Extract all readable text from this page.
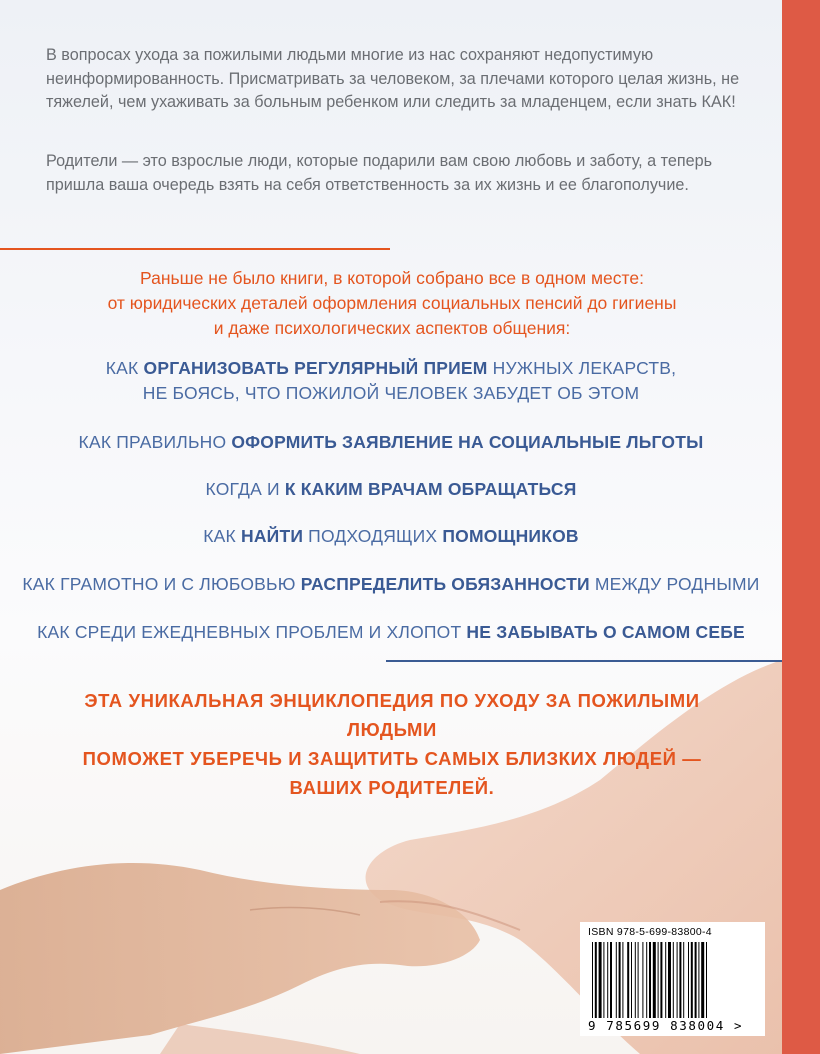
В вопросах ухода за пожилыми людьми многие из нас сохраняют недопустимую неинформированность. Присматривать за человеком, за плечами которого целая жизнь, не тяжелей, чем ухаживать за больным ребенком или следить за младенцем, если знать КАК!

Родители — это взрослые люди, которые подарили вам свою любовь и заботу, а теперь пришла ваша очередь взять на себя ответственность за их жизнь и ее благополучие.

Раньше не было книги, в которой собрано все в одном месте:
от юридических деталей оформления социальных пенсий до гигиены
и даже психологических аспектов общения:

КАК ОРГАНИЗОВАТЬ РЕГУЛЯРНЫЙ ПРИЕМ НУЖНЫХ ЛЕКАРСТВ,
НЕ БОЯСЬ, ЧТО ПОЖИЛОЙ ЧЕЛОВЕК ЗАБУДЕТ ОБ ЭТОМ

КАК ПРАВИЛЬНО ОФОРМИТЬ ЗАЯВЛЕНИЕ НА СОЦИАЛЬНЫЕ ЛЬГОТЫ

КОГДА И К КАКИМ ВРАЧАМ ОБРАЩАТЬСЯ

КАК НАЙТИ ПОДХОДЯЩИХ ПОМОЩНИКОВ

КАК ГРАМОТНО И С ЛЮБОВЬЮ РАСПРЕДЕЛИТЬ ОБЯЗАННОСТИ МЕЖДУ РОДНЫМИ

КАК СРЕДИ ЕЖЕДНЕВНЫХ ПРОБЛЕМ И ХЛОПОТ НЕ ЗАБЫВАТЬ О САМОМ СЕБЕ

ЭТА УНИКАЛЬНАЯ ЭНЦИКЛОПЕДИЯ ПО УХОДУ ЗА ПОЖИЛЫМИ ЛЮДЬМИ
ПОМОЖЕТ УБЕРЕЧЬ И ЗАЩИТИТЬ САМЫХ БЛИЗКИХ ЛЮДЕЙ —
ВАШИХ РОДИТЕЛЕЙ.

ISBN 978-5-699-83800-4
9 785699 838004 >
